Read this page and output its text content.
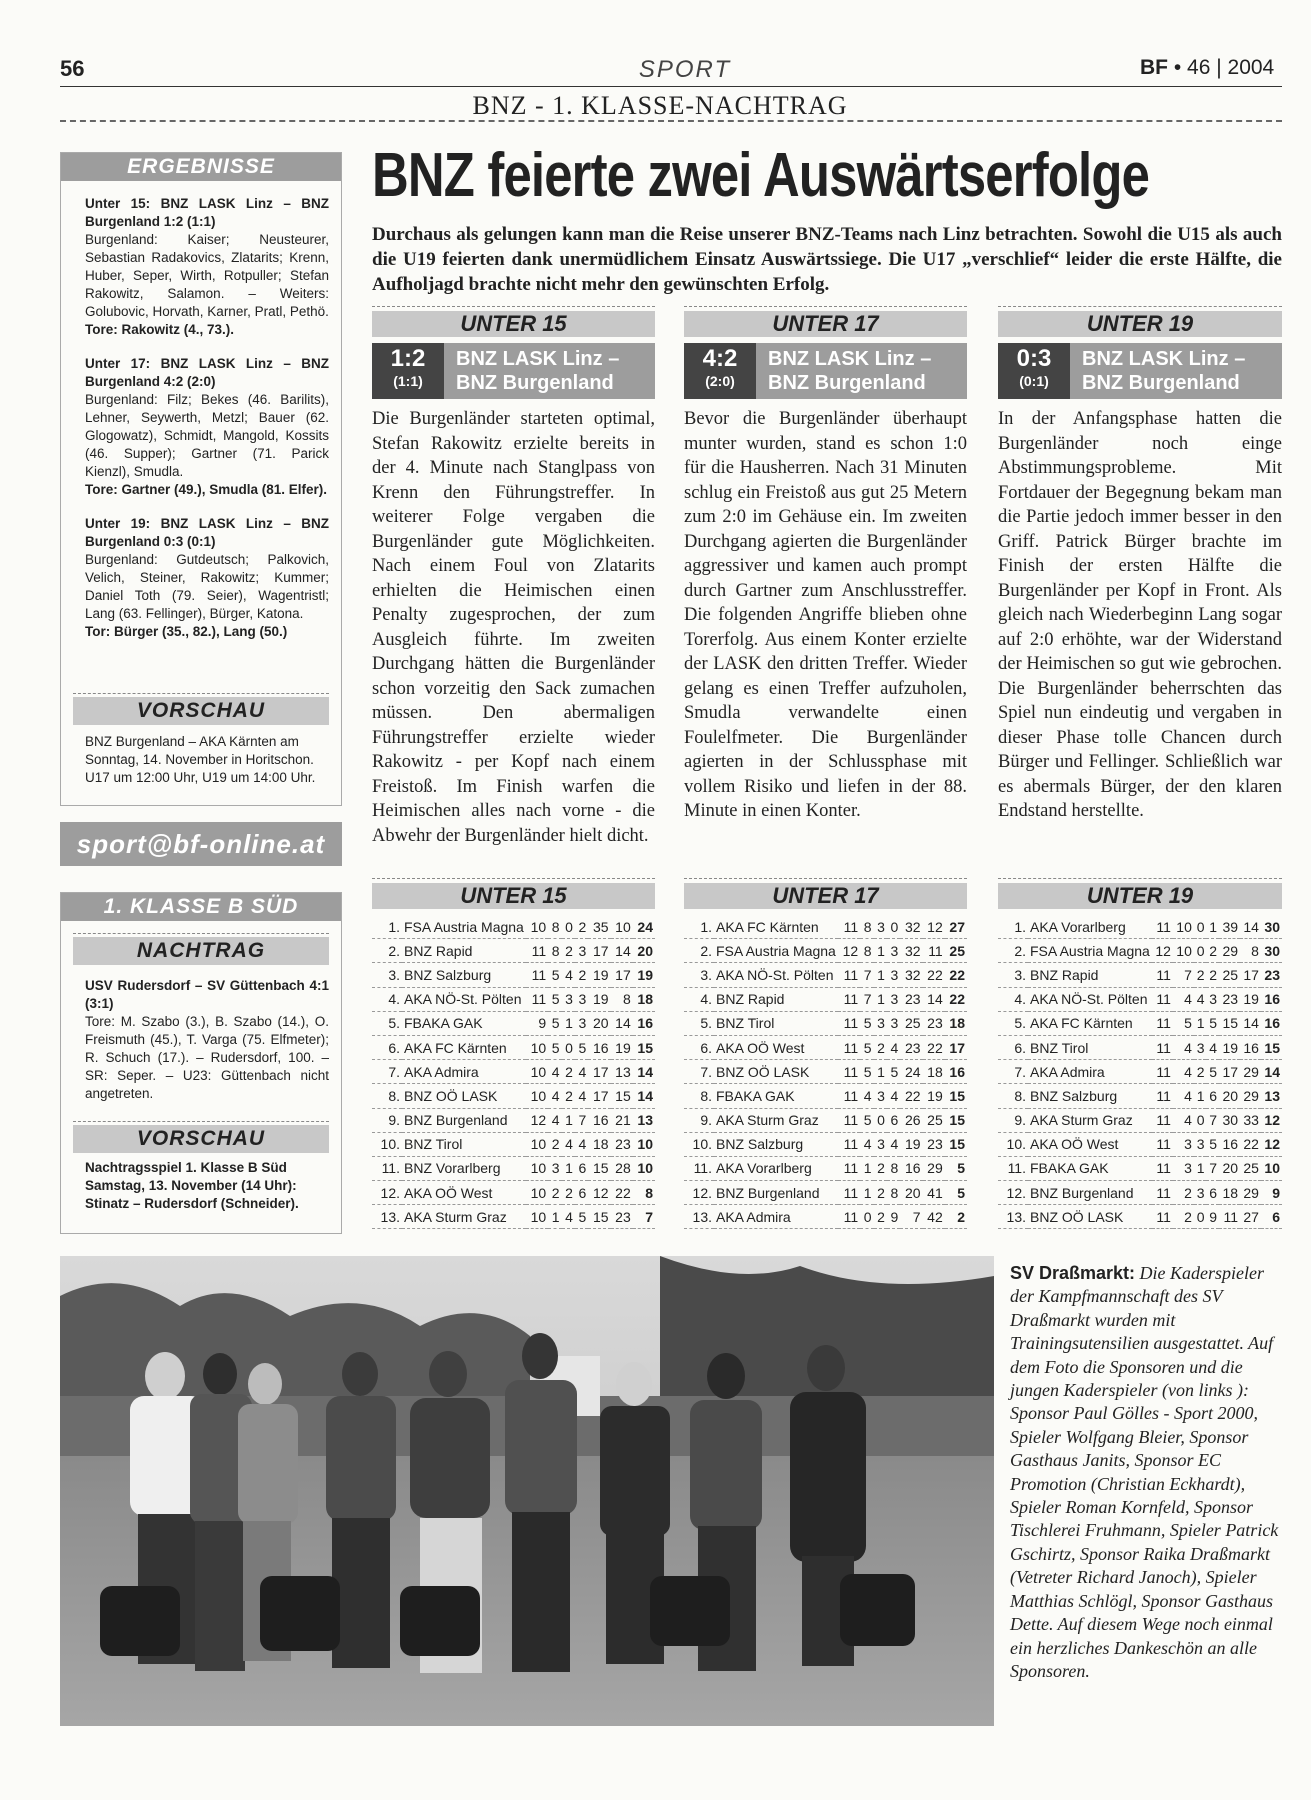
56	SPORT	BF • 46 | 2004
BNZ - 1. KLASSE-NACHTRAG
ERGEBNISSE

Unter 15: BNZ LASK Linz – BNZ Burgenland 1:2 (1:1)
Burgenland: Kaiser; Neusteurer, Sebastian Radakovics, Zlatarits; Krenn, Huber, Seper, Wirth, Rotpuller; Stefan Rakowitz, Salamon. – Weiters: Golubovic, Horvath, Karner, Pratl, Pethö.
Tore: Rakowitz (4., 73.).

Unter 17: BNZ LASK Linz – BNZ Burgenland 4:2 (2:0)
Burgenland: Filz; Bekes (46. Barilits), Lehner, Seywerth, Metzl; Bauer (62. Glogowatz), Schmidt, Mangold, Kossits (46. Supper); Gartner (71. Parick Kienzl), Smudla.
Tore: Gartner (49.), Smudla (81. Elfer).

Unter 19: BNZ LASK Linz – BNZ Burgenland 0:3 (0:1)
Burgenland: Gutdeutsch; Palkovich, Velich, Steiner, Rakowitz; Kummer; Daniel Toth (79. Seier), Wagentristl; Lang (63. Fellinger), Bürger, Katona.
Tor: Bürger (35., 82.), Lang (50.)

VORSCHAU
BNZ Burgenland – AKA Kärnten am Sonntag, 14. November in Horitschon. U17 um 12:00 Uhr, U19 um 14:00 Uhr.
sport@bf-online.at
1. KLASSE B SÜD
NACHTRAG
USV Rudersdorf – SV Güttenbach 4:1 (3:1)
Tore: M. Szabo (3.), B. Szabo (14.), O. Freismuth (45.), T. Varga (75. Elfmeter); R. Schuch (17.). – Rudersdorf, 100. – SR: Seper. – U23: Güttenbach nicht angetreten.
VORSCHAU
Nachtragsspiel 1. Klasse B Süd Samstag, 13. November (14 Uhr): Stinatz – Rudersdorf (Schneider).
BNZ feierte zwei Auswärtserfolge
Durchaus als gelungen kann man die Reise unserer BNZ-Teams nach Linz betrachten. Sowohl die U15 als auch die U19 feierten dank unermüdlichem Einsatz Auswärtssiege. Die U17 „verschlief“ leider die erste Hälfte, die Aufholjagd brachte nicht mehr den gewünschten Erfolg.
UNTER 15
1:2
(1:1)
BNZ LASK Linz –
BNZ Burgenland
Die Burgenländer starteten optimal, Stefan Rakowitz erzielte bereits in der 4. Minute nach Stanglpass von Krenn den Führungstreffer. In weiterer Folge vergaben die Burgenländer gute Möglichkeiten. Nach einem Foul von Zlatarits erhielten die Heimischen einen Penalty zugesprochen, der zum Ausgleich führte. Im zweiten Durchgang hätten die Burgenländer schon vorzeitig den Sack zumachen müssen. Den abermaligen Führungstreffer erzielte wieder Rakowitz - per Kopf nach einem Freistoß. Im Finish warfen die Heimischen alles nach vorne - die Abwehr der Burgenländer hielt dicht.
UNTER 17
4:2
(2:0)
BNZ LASK Linz –
BNZ Burgenland
Bevor die Burgenländer überhaupt munter wurden, stand es schon 1:0 für die Hausherren. Nach 31 Minuten schlug ein Freistoß aus gut 25 Metern zum 2:0 im Gehäuse ein. Im zweiten Durchgang agierten die Burgenländer aggressiver und kamen auch prompt durch Gartner zum Anschlusstreffer. Die folgenden Angriffe blieben ohne Torerfolg. Aus einem Konter erzielte der LASK den dritten Treffer. Wieder gelang es einen Treffer aufzuholen, Smudla verwandelte einen Foulelfmeter. Die Burgenländer agierten in der Schlussphase mit vollem Risiko und liefen in der 88. Minute in einen Konter.
UNTER 19
0:3
(0:1)
BNZ LASK Linz –
BNZ Burgenland
In der Anfangsphase hatten die Burgenländer noch einge Abstimmungsprobleme. Mit Fortdauer der Begegnung bekam man die Partie jedoch immer besser in den Griff. Patrick Bürger brachte im Finish der ersten Hälfte die Burgenländer per Kopf in Front. Als gleich nach Wiederbeginn Lang sogar auf 2:0 erhöhte, war der Widerstand der Heimischen so gut wie gebrochen. Die Burgenländer beherrschten das Spiel nun eindeutig und vergaben in dieser Phase tolle Chancen durch Bürger und Fellinger. Schließlich war es abermals Bürger, der den klaren Endstand herstellte.
UNTER 15
1.	FSA Austria Magna	10	8	0	2	35	10	24
2.	BNZ Rapid	11	8	2	3	17	14	20
3.	BNZ Salzburg	11	5	4	2	19	17	19
4.	AKA NÖ-St. Pölten	11	5	3	3	19	8	18
5.	FBAKA GAK	9	5	1	3	20	14	16
6.	AKA FC Kärnten	10	5	0	5	16	19	15
7.	AKA Admira	10	4	2	4	17	13	14
8.	BNZ OÖ LASK	10	4	2	4	17	15	14
9.	BNZ Burgenland	12	4	1	7	16	21	13
10.	BNZ Tirol	10	2	4	4	18	23	10
11.	BNZ Vorarlberg	10	3	1	6	15	28	10
12.	AKA OÖ West	10	2	2	6	12	22	8
13.	AKA Sturm Graz	10	1	4	5	15	23	7
UNTER 17
1.	AKA FC Kärnten	11	8	3	0	32	12	27
2.	FSA Austria Magna	12	8	1	3	32	11	25
3.	AKA NÖ-St. Pölten	11	7	1	3	32	22	22
4.	BNZ Rapid	11	7	1	3	23	14	22
5.	BNZ Tirol	11	5	3	3	25	23	18
6.	AKA OÖ West	11	5	2	4	23	22	17
7.	BNZ OÖ LASK	11	5	1	5	24	18	16
8.	FBAKA GAK	11	4	3	4	22	19	15
9.	AKA Sturm Graz	11	5	0	6	26	25	15
10.	BNZ Salzburg	11	4	3	4	19	23	15
11.	AKA Vorarlberg	11	1	2	8	16	29	5
12.	BNZ Burgenland	11	1	2	8	20	41	5
13.	AKA Admira	11	0	2	9	7	42	2
UNTER 19
1.	AKA Vorarlberg	11	10	0	1	39	14	30
2.	FSA Austria Magna	12	10	0	2	29	8	30
3.	BNZ Rapid	11	7	2	2	25	17	23
4.	AKA NÖ-St. Pölten	11	4	4	3	23	19	16
5.	AKA FC Kärnten	11	5	1	5	15	14	16
6.	BNZ Tirol	11	4	3	4	19	16	15
7.	AKA Admira	11	4	2	5	17	29	14
8.	BNZ Salzburg	11	4	1	6	20	29	13
9.	AKA Sturm Graz	11	4	0	7	30	33	12
10.	AKA OÖ West	11	3	3	5	16	22	12
11.	FBAKA GAK	11	3	1	7	20	25	10
12.	BNZ Burgenland	11	2	3	6	18	29	9
13.	BNZ OÖ LASK	11	2	0	9	11	27	6
SV Draßmarkt: Die Kaderspieler der Kampfmannschaft des SV Draßmarkt wurden mit Trainingsutensilien ausgestattet. Auf dem Foto die Sponsoren und die jungen Kaderspieler (von links ): Sponsor Paul Gölles - Sport 2000, Spieler Wolfgang Bleier, Sponsor Gasthaus Janits, Sponsor EC Promotion (Christian Eckhardt), Spieler Roman Kornfeld, Sponsor Tischlerei Fruhmann, Spieler Patrick Gschirtz, Sponsor Raika Draßmarkt (Vetreter Richard Janoch), Spieler Matthias Schlögl, Sponsor Gasthaus Dette. Auf diesem Wege noch einmal ein herzliches Dankeschön an alle Sponsoren.
